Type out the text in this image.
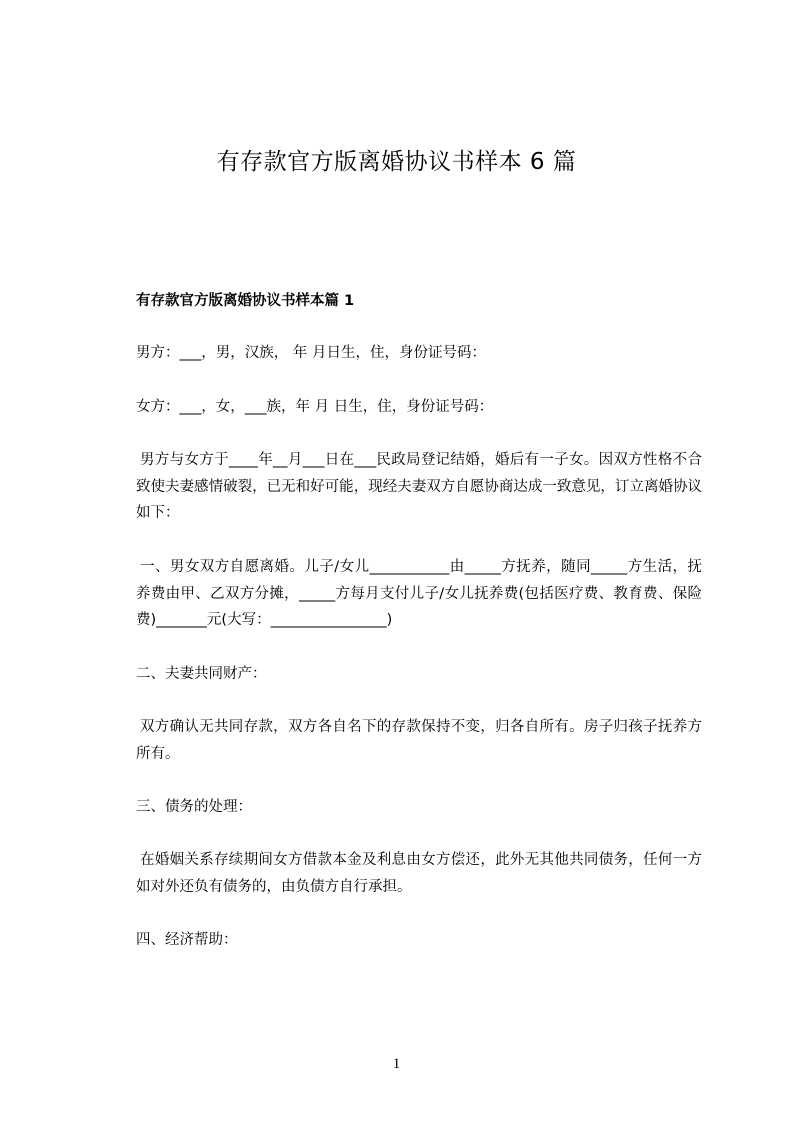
有存款官方版离婚协议书样本 6 篇

有存款官方版离婚协议书样本篇 1

男方：___，男，汉族， 年 月日生，住，身份证号码：

女方：___，女，___族，年 月 日生，住，身份证号码：

男方与女方于____年__月___日在___民政局登记结婚，婚后有一子女。因双方性格不合致使夫妻感情破裂，已无和好可能，现经夫妻双方自愿协商达成一致意见，订立离婚协议如下：

一、男女双方自愿离婚。儿子/女儿___________由_____方抚养，随同_____方生活，抚养费由甲、乙双方分摊，_____方每月支付儿子/女儿抚养费(包括医疗费、教育费、保险费)_______元(大写：________________)

二、夫妻共同财产：

双方确认无共同存款，双方各自名下的存款保持不变，归各自所有。房子归孩子抚养方所有。

三、债务的处理：

在婚姻关系存续期间女方借款本金及利息由女方偿还，此外无其他共同债务，任何一方如对外还负有债务的，由负债方自行承担。

四、经济帮助：

1
